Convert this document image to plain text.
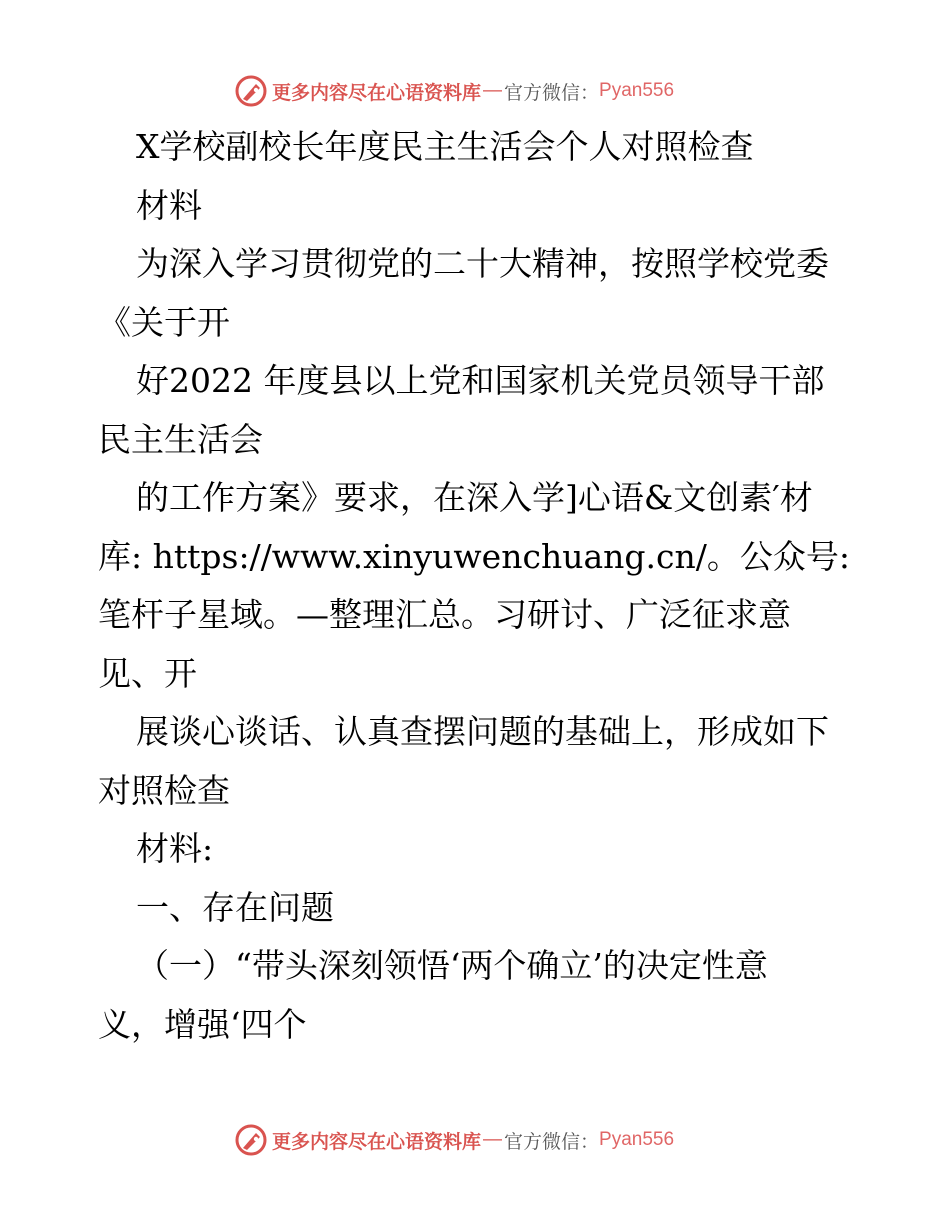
更多内容尽在心语资料库 — 官方微信： Pyan556
X学校副校长年度民主生活会个人对照检查
材料
为深入学习贯彻党的二十大精神，按照学校党委
《关于开
好2022 年度县以上党和国家机关党员领导干部
民主生活会
的工作方案》要求，在深入学]心语&文创素′材
库: https://www.xinyuwenchuang.cn/。公众号:
笔杆子星域。—整理汇总。习研讨、广泛征求意
见、开
展谈心谈话、认真查摆问题的基础上，形成如下
对照检查
材料:
一、存在问题
（一）“带头深刻领悟‘两个确立’的决定性意
义，增强‘四个
更多内容尽在心语资料库 — 官方微信： Pyan556
